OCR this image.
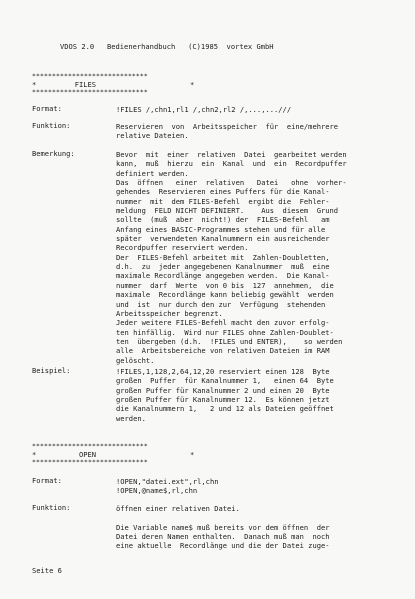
VDOS 2.0   Bedienerhandbuch   (C)1985  vortex GmbH
*****************************
*         FILES                      *
*****************************
Format:	!FILES /,chn1,rl1 /,chn2,rl2 /,...,...///
Funktion:	Reservieren  von  Arbeitsspeicher  für  eine/mehrere
relative Dateien.
Bemerkung:	Bevor  mit  einer  relativen  Datei  gearbeitet werden
kann,  muß  hierzu  ein  Kanal  und  ein  Recordpuffer
definiert werden.
Das  öffnen   einer  relativen   Datei   ohne  vorher-
gehendes  Reservieren eines Puffers für die Kanal-
nummer  mit  dem FILES-Befehl  ergibt die  Fehler-
meldung  FELD NICHT DEFINIERT.    Aus  diesem  Grund
sollte  (muß  aber  nicht!) der  FILES-Befehl   am
Anfang eines BASIC-Programmes stehen und für alle
später  verwendeten Kanalnummern ein ausreichender
Recordpuffer reserviert werden.
Der  FILES-Befehl arbeitet mit  Zahlen-Doubletten,
d.h.  zu  jeder angegebenen Kanalnummer  muß  eine
maximale Recordlänge angegeben werden.  Die Kanal-
nummer  darf  Werte  von 0 bis  127  annehmen,  die
maximale  Recordlänge kann beliebig gewählt  werden
und  ist  nur durch den zur  Verfügung  stehenden
Arbeitsspeicher begrenzt.
Jeder weitere FILES-Befehl macht den zuvor erfolg-
ten hinfällig.  Wird nur FILES ohne Zahlen-Doublet-
ten  übergeben (d.h.  !FILES und ENTER),    so werden
alle  Arbeitsbereiche von relativen Dateien im RAM
gelöscht.
Beispiel:	!FILES,1,128,2,64,12,20 reserviert einen 128  Byte
großen  Puffer  für Kanalnummer 1,   einen 64  Byte
großen Puffer für Kanalnummer 2 und einen 20  Byte
großen Puffer für Kanalnummer 12.  Es können jetzt
die Kanalnummern 1,   2 und 12 als Dateien geöffnet
werden.
*****************************
*          OPEN                      *
*****************************
Format:	!OPEN,"datei.ext",rl,chn
!OPEN,@name$,rl,chn
Funktion:	öffnen einer relativen Datei.
Die Variable name$ muß bereits vor dem öffnen  der
Datei deren Namen enthalten.  Danach muß man  noch
eine aktuelle  Recordlänge und die der Datei zuge-
Seite 6
